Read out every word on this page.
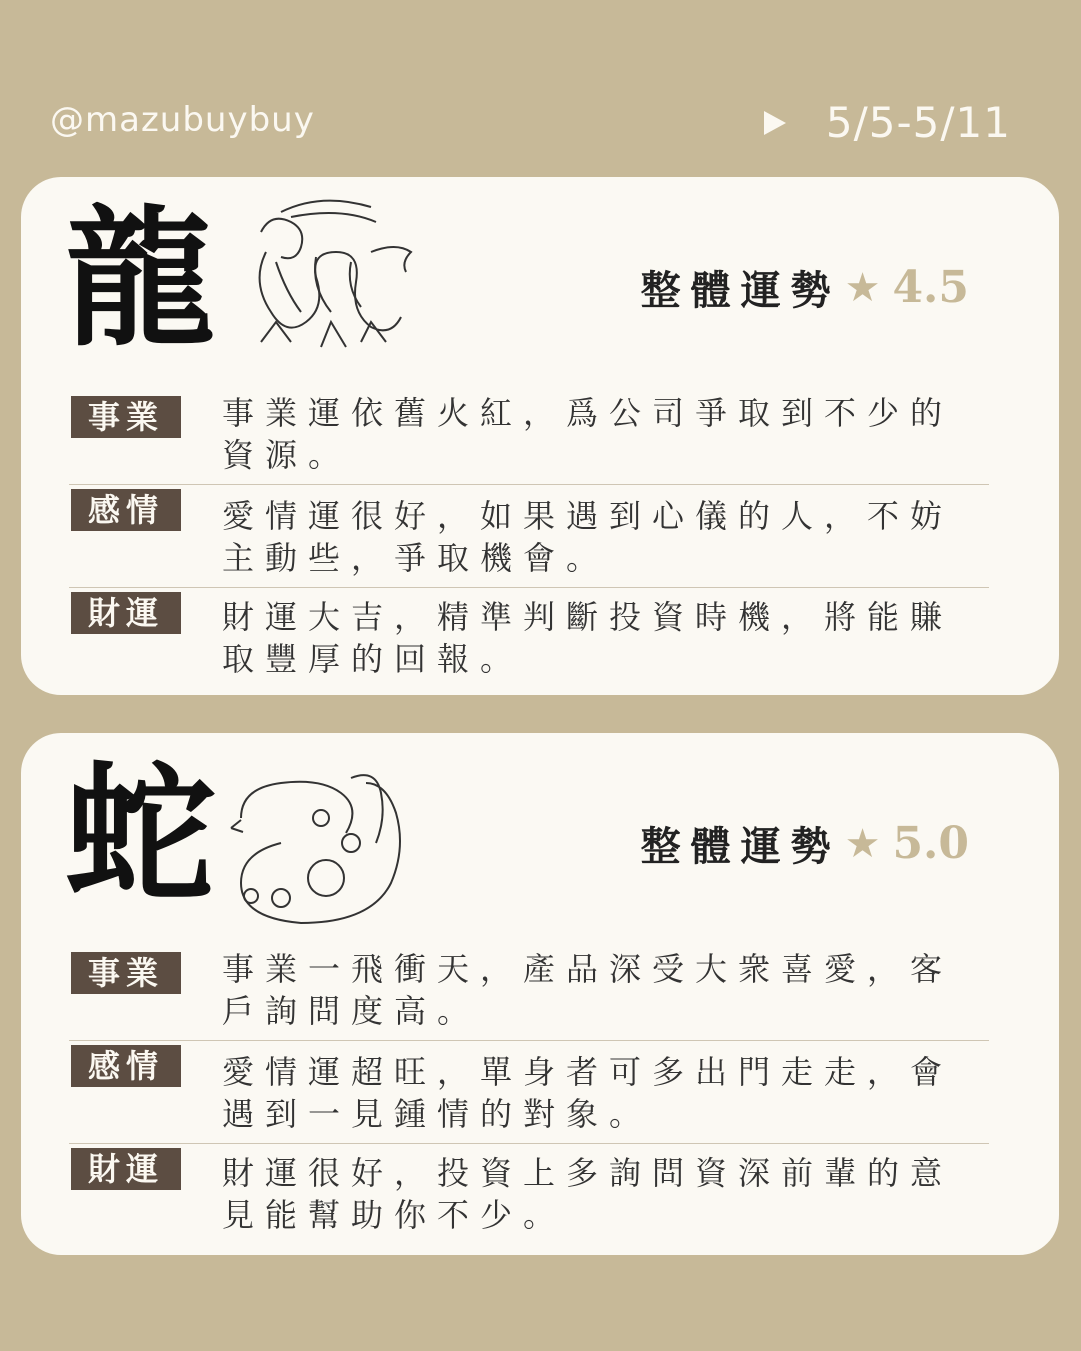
@mazubuybuy	5/5-5/11
龍	整體運勢 ★ 4.5
事業	事業運依舊火紅，爲公司爭取到不少的資源。
感情	愛情運很好，如果遇到心儀的人，不妨主動些，爭取機會。
財運	財運大吉，精準判斷投資時機，將能賺取豐厚的回報。
蛇	整體運勢 ★ 5.0
事業	事業一飛衝天，產品深受大衆喜愛，客戶詢問度高。
感情	愛情運超旺，單身者可多出門走走，會遇到一見鍾情的對象。
財運	財運很好，投資上多詢問資深前輩的意見能幫助你不少。
